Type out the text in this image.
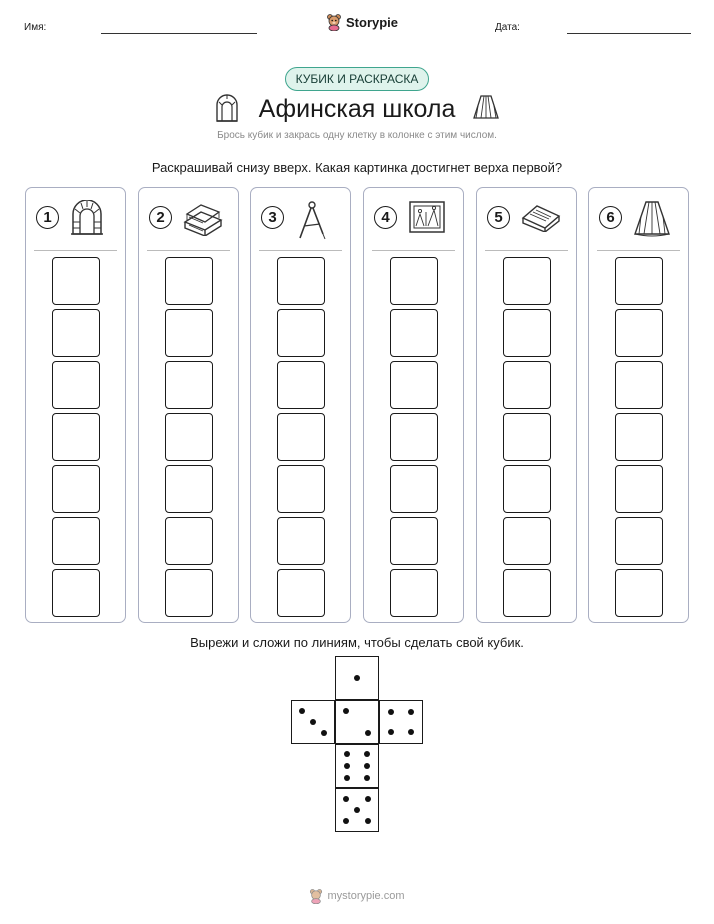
Имя:	Storypie	Дата:
КУБИК И РАСКРАСКА
Афинская школа
Брось кубик и закрась одну клетку в колонке с этим числом.
Раскрашивай снизу вверх. Какая картинка достигнет верха первой?
1	2	3	4	5	6
Вырежи и сложи по линиям, чтобы сделать свой кубик.
mystorypie.com
